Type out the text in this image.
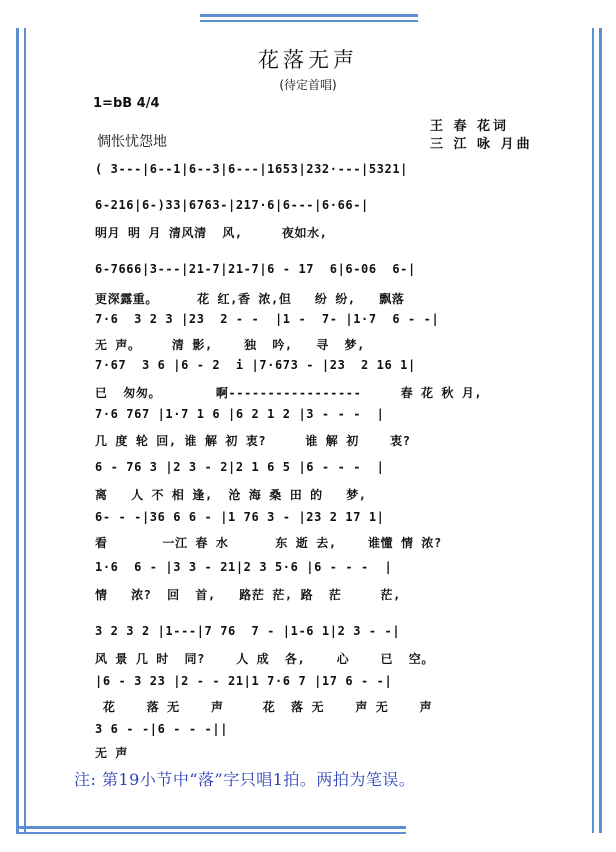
花落无声
(待定首唱)
1=bB 4/4
惆怅忧怨地
王 春 花词
三 江 咏 月曲
( 3---|6--1|6--3|6---|1653|232·---|5321|
6-216|6-)33|6763-|217·6|6---|6·66-|
明月 明 月 清风清  风,     夜如水,
6-7666|3---|21-7|21-7|6 - 17  6|6-06  6-|
更深露重。     花 红,香 浓,但   纷 纷,   飘落
7·6  3 2 3 |23  2 - -  |1 -  7- |1·7  6 - -|
无 声。    清 影,    独  吟,   寻  梦,
7·67  3 6 |6 - 2  i |7·673 - |23  2 16 1|
已  匆匆。       啊-----------------     春 花 秋 月,
7·6 767 |1·7 1 6 |6 2 1 2 |3 - - -  |
几 度 轮 回, 谁 解 初 衷?     谁 解 初    衷?
6 - 76 3 |2 3 - 2|2 1 6 5 |6 - - -  |
离   人 不 相 逢,  沧 海 桑 田 的   梦,
6- - -|36 6 6 - |1 76 3 - |23 2 17 1|
看       一江 春 水      东 逝 去,    谁懂 情 浓?
1·6  6 - |3 3 - 21|2 3 5·6 |6 - - -  |
情   浓?  回  首,   路茫 茫, 路  茫     茫,
3 2 3 2 |1---|7 76  7 - |1-6 1|2 3 - -|
风 景 几 时  同?    人 成  各,    心    已  空。
|6 - 3 23 |2 - - 21|1 7·6 7 |17 6 - -|
花    落 无    声     花  落 无    声 无    声
3 6 - -|6 - - -||
无 声
注: 第19小节中“落”字只唱1拍。两拍为笔误。
